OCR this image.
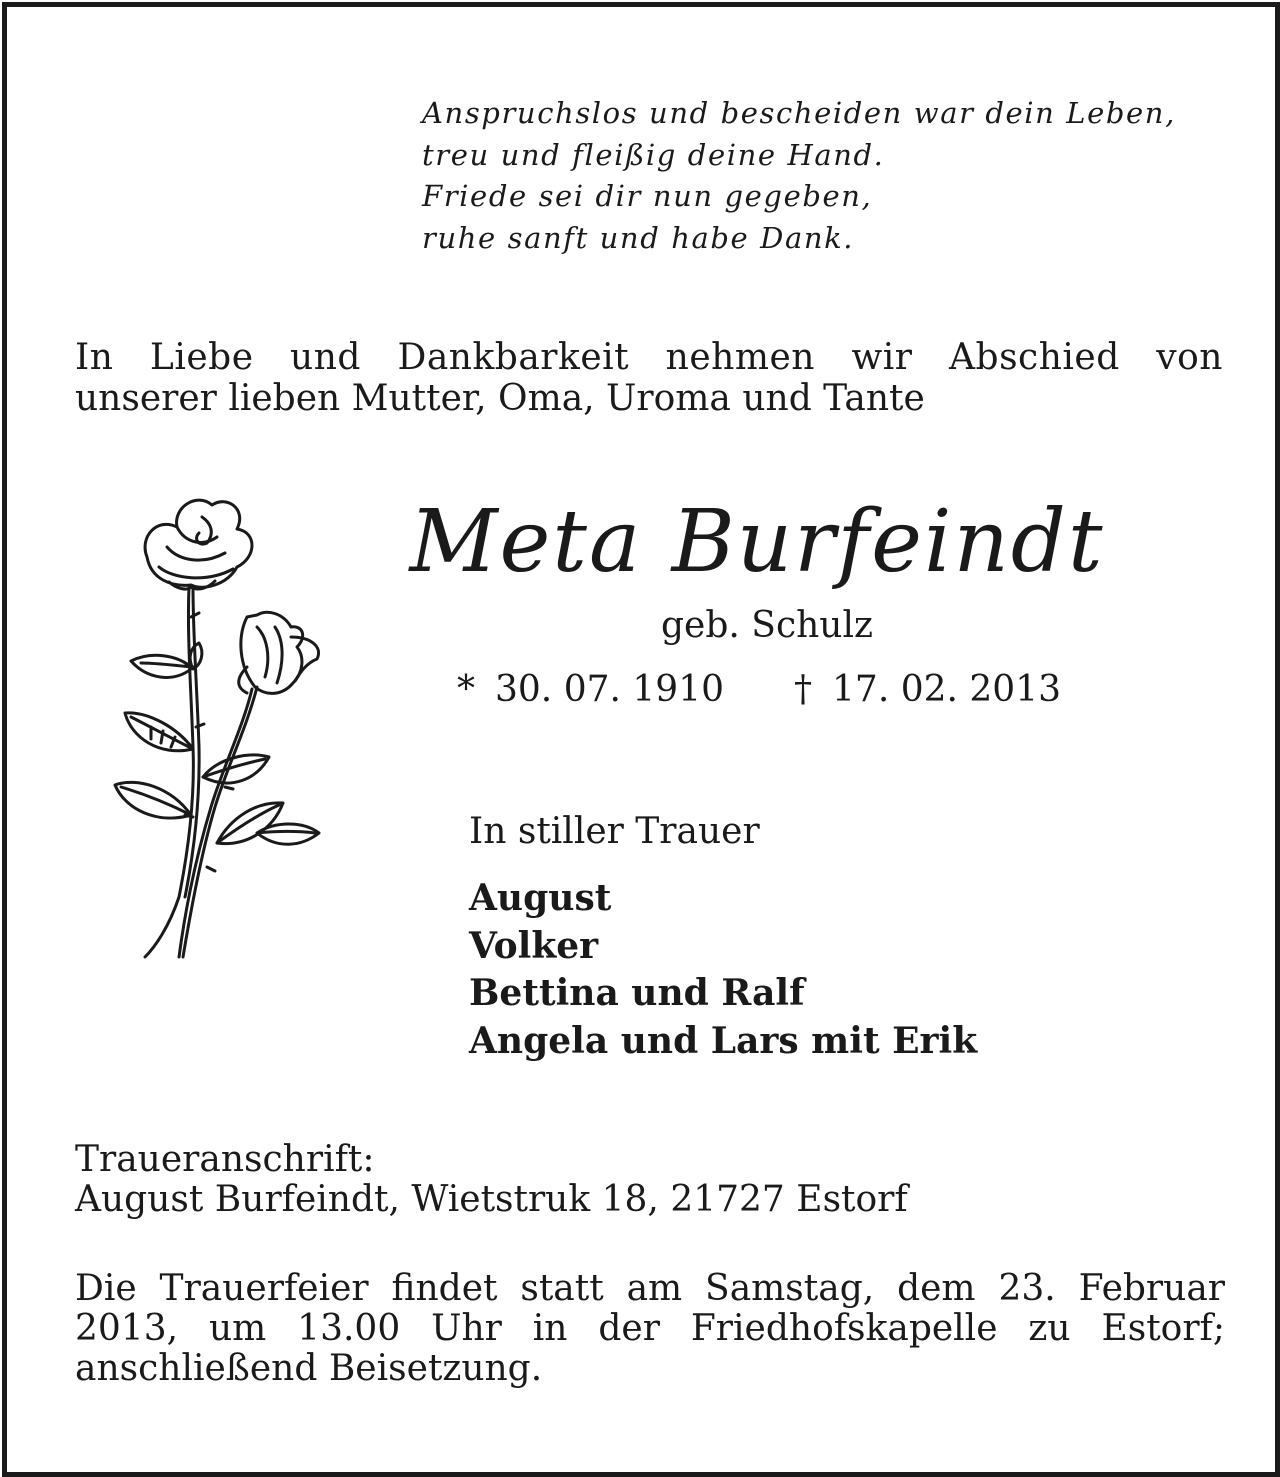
Anspruchslos und bescheiden war dein Leben,
treu und fleißig deine Hand.
Friede sei dir nun gegeben,
ruhe sanft und habe Dank.
In Liebe und Dankbarkeit nehmen wir Abschied von
unserer lieben Mutter, Oma, Uroma und Tante
Meta Burfeindt
geb. Schulz
* 30. 07. 1910 † 17. 02. 2013
In stiller Trauer
August
Volker
Bettina und Ralf
Angela und Lars mit Erik
Traueranschrift:
August Burfeindt, Wietstruk 18, 21727 Estorf
Die Trauerfeier findet statt am Samstag, dem 23. Februar
2013, um 13.00 Uhr in der Friedhofskapelle zu Estorf;
anschließend Beisetzung.
